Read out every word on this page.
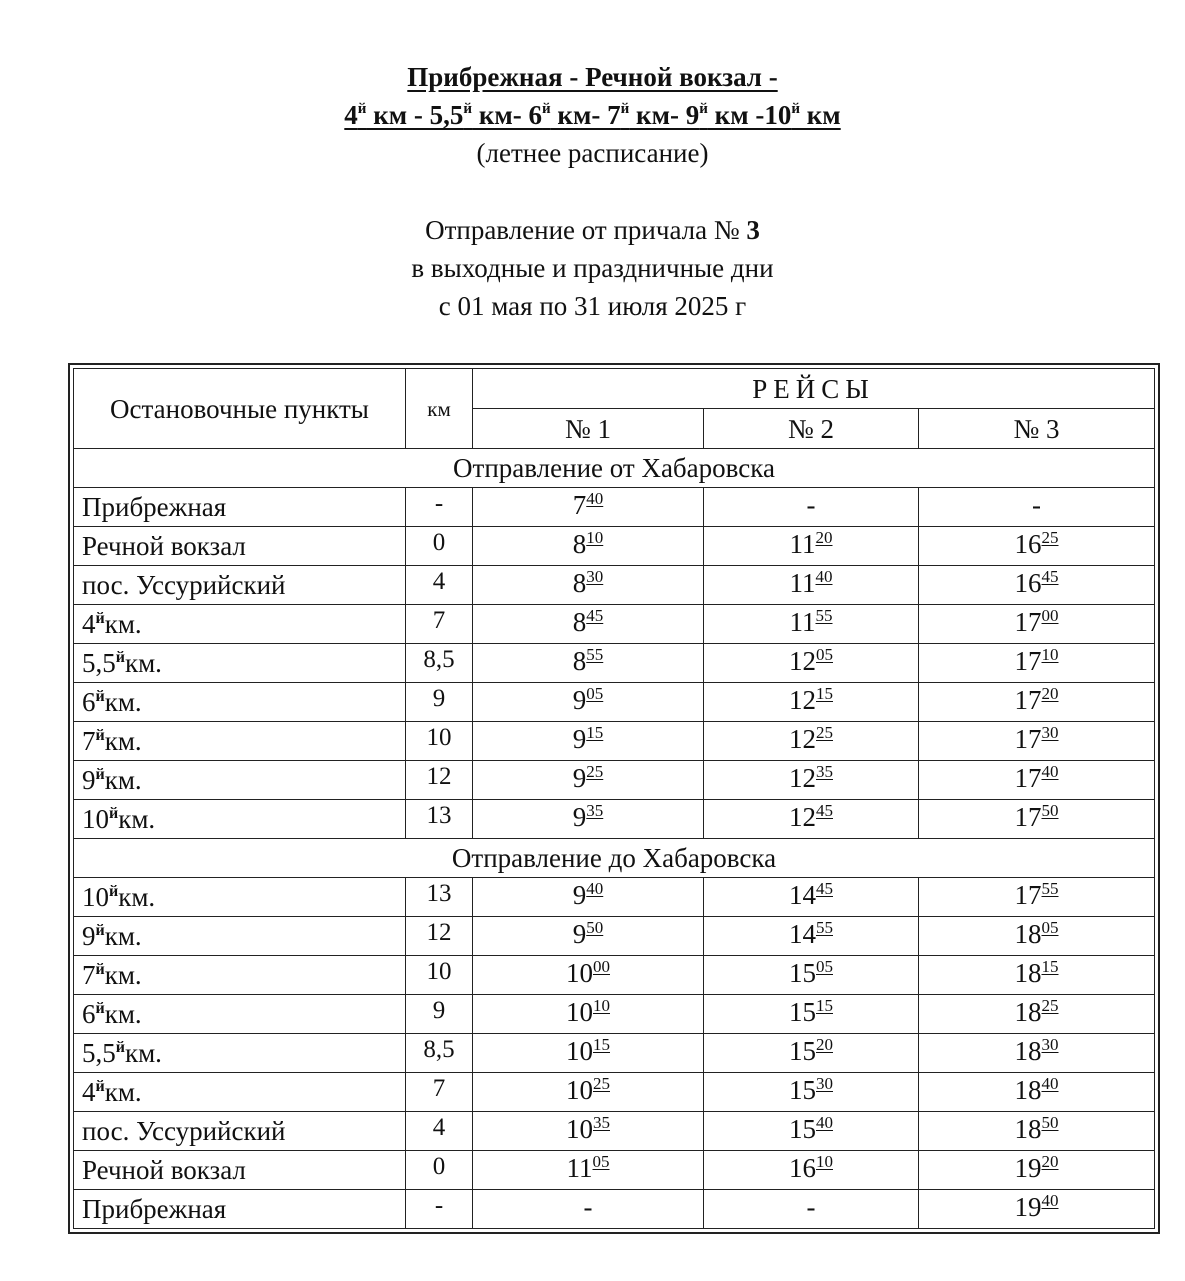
Прибрежная - Речной вокзал -
$4^й$ км - $5,5^й$ км- $6^й$ км- $7^й$ км- $9^й$ км $-10^й$ км
(летнее расписание)
Отправление от причала № 3
в выходные и праздничные дни
с 01 мая по 31 июля 2025 г
Остановочные пункты	км	РЕЙСЫ		
		№ 1	№ 2	№ 3
Отправление от Хабаровска				
Прибрежная	-	$7^{40}$	-	-
Речной вокзал	0	$8^{10}$	$11^{20}$	$16^{25}$
пос. Уссурийский	4	$8^{30}$	$11^{40}$	$16^{45}$
$4^йкм$.	7	$8^{45}$	$11^{55}$	$17^{00}$
$5,5^йкм$.	8,5	$8^{55}$	$12^{05}$	$17^{10}$
$6^йкм$.	9	$9^{05}$	$12^{15}$	$17^{20}$
$7^йкм$.	10	$9^{15}$	$12^{25}$	$17^{30}$
$9^йкм$.	12	$9^{25}$	$12^{35}$	$17^{40}$
$10^йкм$.	13	$9^{35}$	$12^{45}$	$17^{50}$
Отправление до Хабаровска				
$10^йкм$.	13	$9^{40}$	$14^{45}$	$17^{55}$
$9^йкм$.	12	$9^{50}$	$14^{55}$	$18^{05}$
$7^йкм$.	10	$10^{00}$	$15^{05}$	$18^{15}$
$6^йкм$.	9	$10^{10}$	$15^{15}$	$18^{25}$
$5,5^йкм$.	8,5	$10^{15}$	$15^{20}$	$18^{30}$
$4^йкм$.	7	$10^{25}$	$15^{30}$	$18^{40}$
пос. Уссурийский	4	$10^{35}$	$15^{40}$	$18^{50}$
Речной вокзал	0	$11^{05}$	$16^{10}$	$19^{20}$
Прибрежная	-	-	-	$19^{40}$
